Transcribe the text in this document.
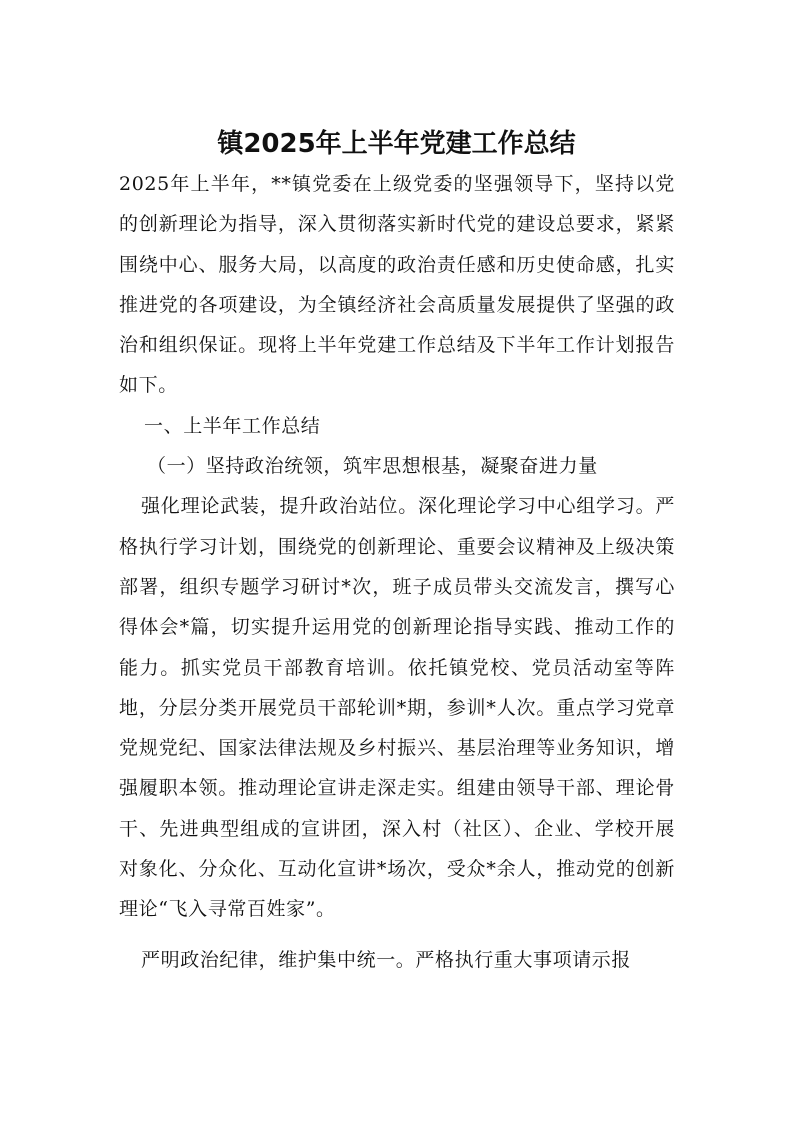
镇2025年上半年党建工作总结

2025年上半年，**镇党委在上级党委的坚强领导下，坚持以党的创新理论为指导，深入贯彻落实新时代党的建设总要求，紧紧围绕中心、服务大局，以高度的政治责任感和历史使命感，扎实推进党的各项建设，为全镇经济社会高质量发展提供了坚强的政治和组织保证。现将上半年党建工作总结及下半年工作计划报告如下。

一、上半年工作总结

（一）坚持政治统领，筑牢思想根基，凝聚奋进力量

强化理论武装，提升政治站位。深化理论学习中心组学习。严格执行学习计划，围绕党的创新理论、重要会议精神及上级决策部署，组织专题学习研讨*次，班子成员带头交流发言，撰写心得体会*篇，切实提升运用党的创新理论指导实践、推动工作的能力。抓实党员干部教育培训。依托镇党校、党员活动室等阵地，分层分类开展党员干部轮训*期，参训*人次。重点学习党章党规党纪、国家法律法规及乡村振兴、基层治理等业务知识，增强履职本领。推动理论宣讲走深走实。组建由领导干部、理论骨干、先进典型组成的宣讲团，深入村（社区）、企业、学校开展对象化、分众化、互动化宣讲*场次，受众*余人，推动党的创新理论“飞入寻常百姓家”。

严明政治纪律，维护集中统一。严格执行重大事项请示报
